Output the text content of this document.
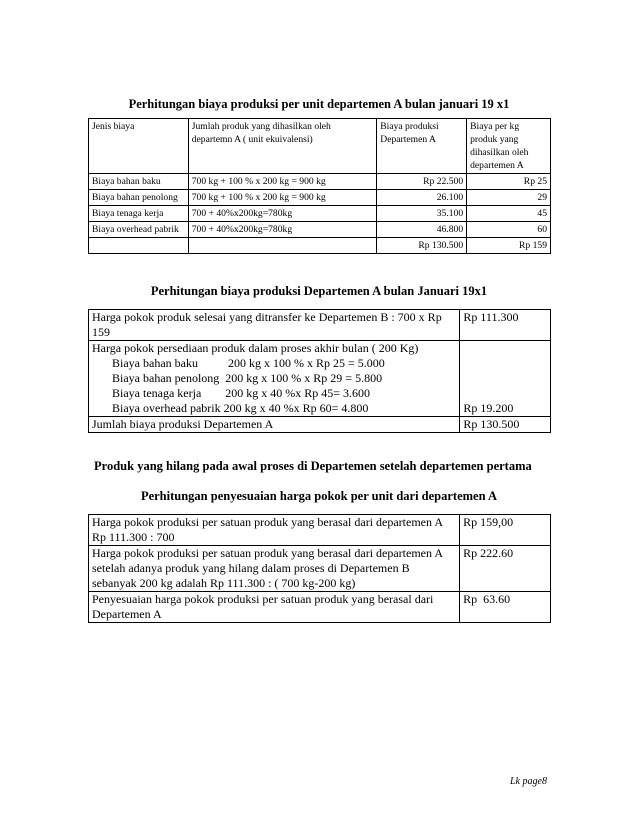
Perhitungan biaya produksi per unit departemen A bulan januari 19 x1
Jenis biaya	Jumlah produk yang dihasilkan oleh departemn A ( unit ekuivalensi)	Biaya produksi Departemen A	Biaya per kg produk yang dihasilkan oleh departemen A
Biaya bahan baku	700 kg + 100 % x 200 kg = 900 kg	Rp 22.500	Rp 25
Biaya bahan penolong	700 kg + 100 % x 200 kg = 900 kg	26.100	29
Biaya tenaga kerja	700 + 40%x200kg=780kg	35.100	45
Biaya overhead pabrik	700 + 40%x200kg=780kg	46.800	60
		Rp 130.500	Rp 159
Perhitungan biaya produksi Departemen A bulan Januari 19x1
Harga pokok produk selesai yang ditransfer ke Departemen B : 700 x Rp 159	Rp 111.300

Harga pokok persediaan produk dalam proses akhir bulan ( 200 Kg)
Biaya bahan baku          200 kg x 100 % x Rp 25 = 5.000
Biaya bahan penolong  200 kg x 100 % x Rp 29 = 5.800
Biaya tenaga kerja        200 kg x 40 %x Rp 45= 3.600
Biaya overhead pabrik 200 kg x 40 %x Rp 60= 4.800	Rp 19.200
Jumlah biaya produksi Departemen A	Rp 130.500
Produk yang hilang pada awal proses di Departemen setelah departemen pertama
Perhitungan penyesuaian harga pokok per unit dari departemen A
Harga pokok produksi per satuan produk yang berasal dari departemen A
Rp 111.300 : 700	Rp 159,00
Harga pokok produksi per satuan produk yang berasal dari departemen A setelah adanya produk yang hilang dalam proses di Departemen B sebanyak 200 kg adalah Rp 111.300 : ( 700 kg-200 kg)	Rp 222.60
Penyesuaian harga pokok produksi per satuan produk yang berasal dari Departemen A	Rp  63.60
Lk page8
